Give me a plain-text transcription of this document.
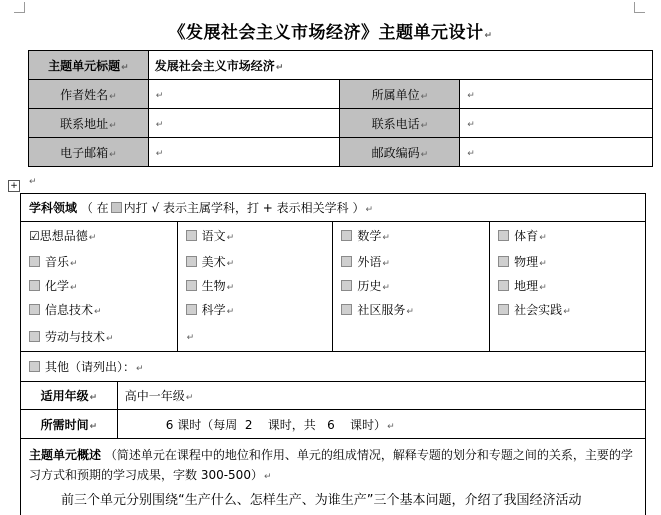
《发展社会主义市场经济》主题单元设计↵
主题单元标题↵	发展社会主义市场经济↵		
作者姓名↵	↵	所属单位↵	↵
联系地址↵	↵	联系电话↵	↵
电子邮箱↵	↵	邮政编码↵	↵
+ ↵
学科领域 （ 在 内打 √ 表示主属学科，打 + 表示相关学科 ）↵				
☑思想品德↵		语文↵	数学↵	体育↵
音乐↵		美术↵	外语↵	物理↵
化学↵		生物↵	历史↵	地理↵
信息技术↵		科学↵	社区服务↵	社会实践↵
劳动与技术↵		↵		
其他（请列出）：↵				
适用年级↵	高中一年级↵			
所需时间↵	6 课时（每周  2    课时，共   6    课时）↵			
主题单元概述 （简述单元在课程中的地位和作用、单元的组成情况，解释专题的划分和专题之间的关系，主要的学习方式和预期的学习成果，字数 300-500）↵
前三个单元分别围绕“生产什么、怎样生产、为谁生产”三个基本问题，介绍了我国经济活动				
